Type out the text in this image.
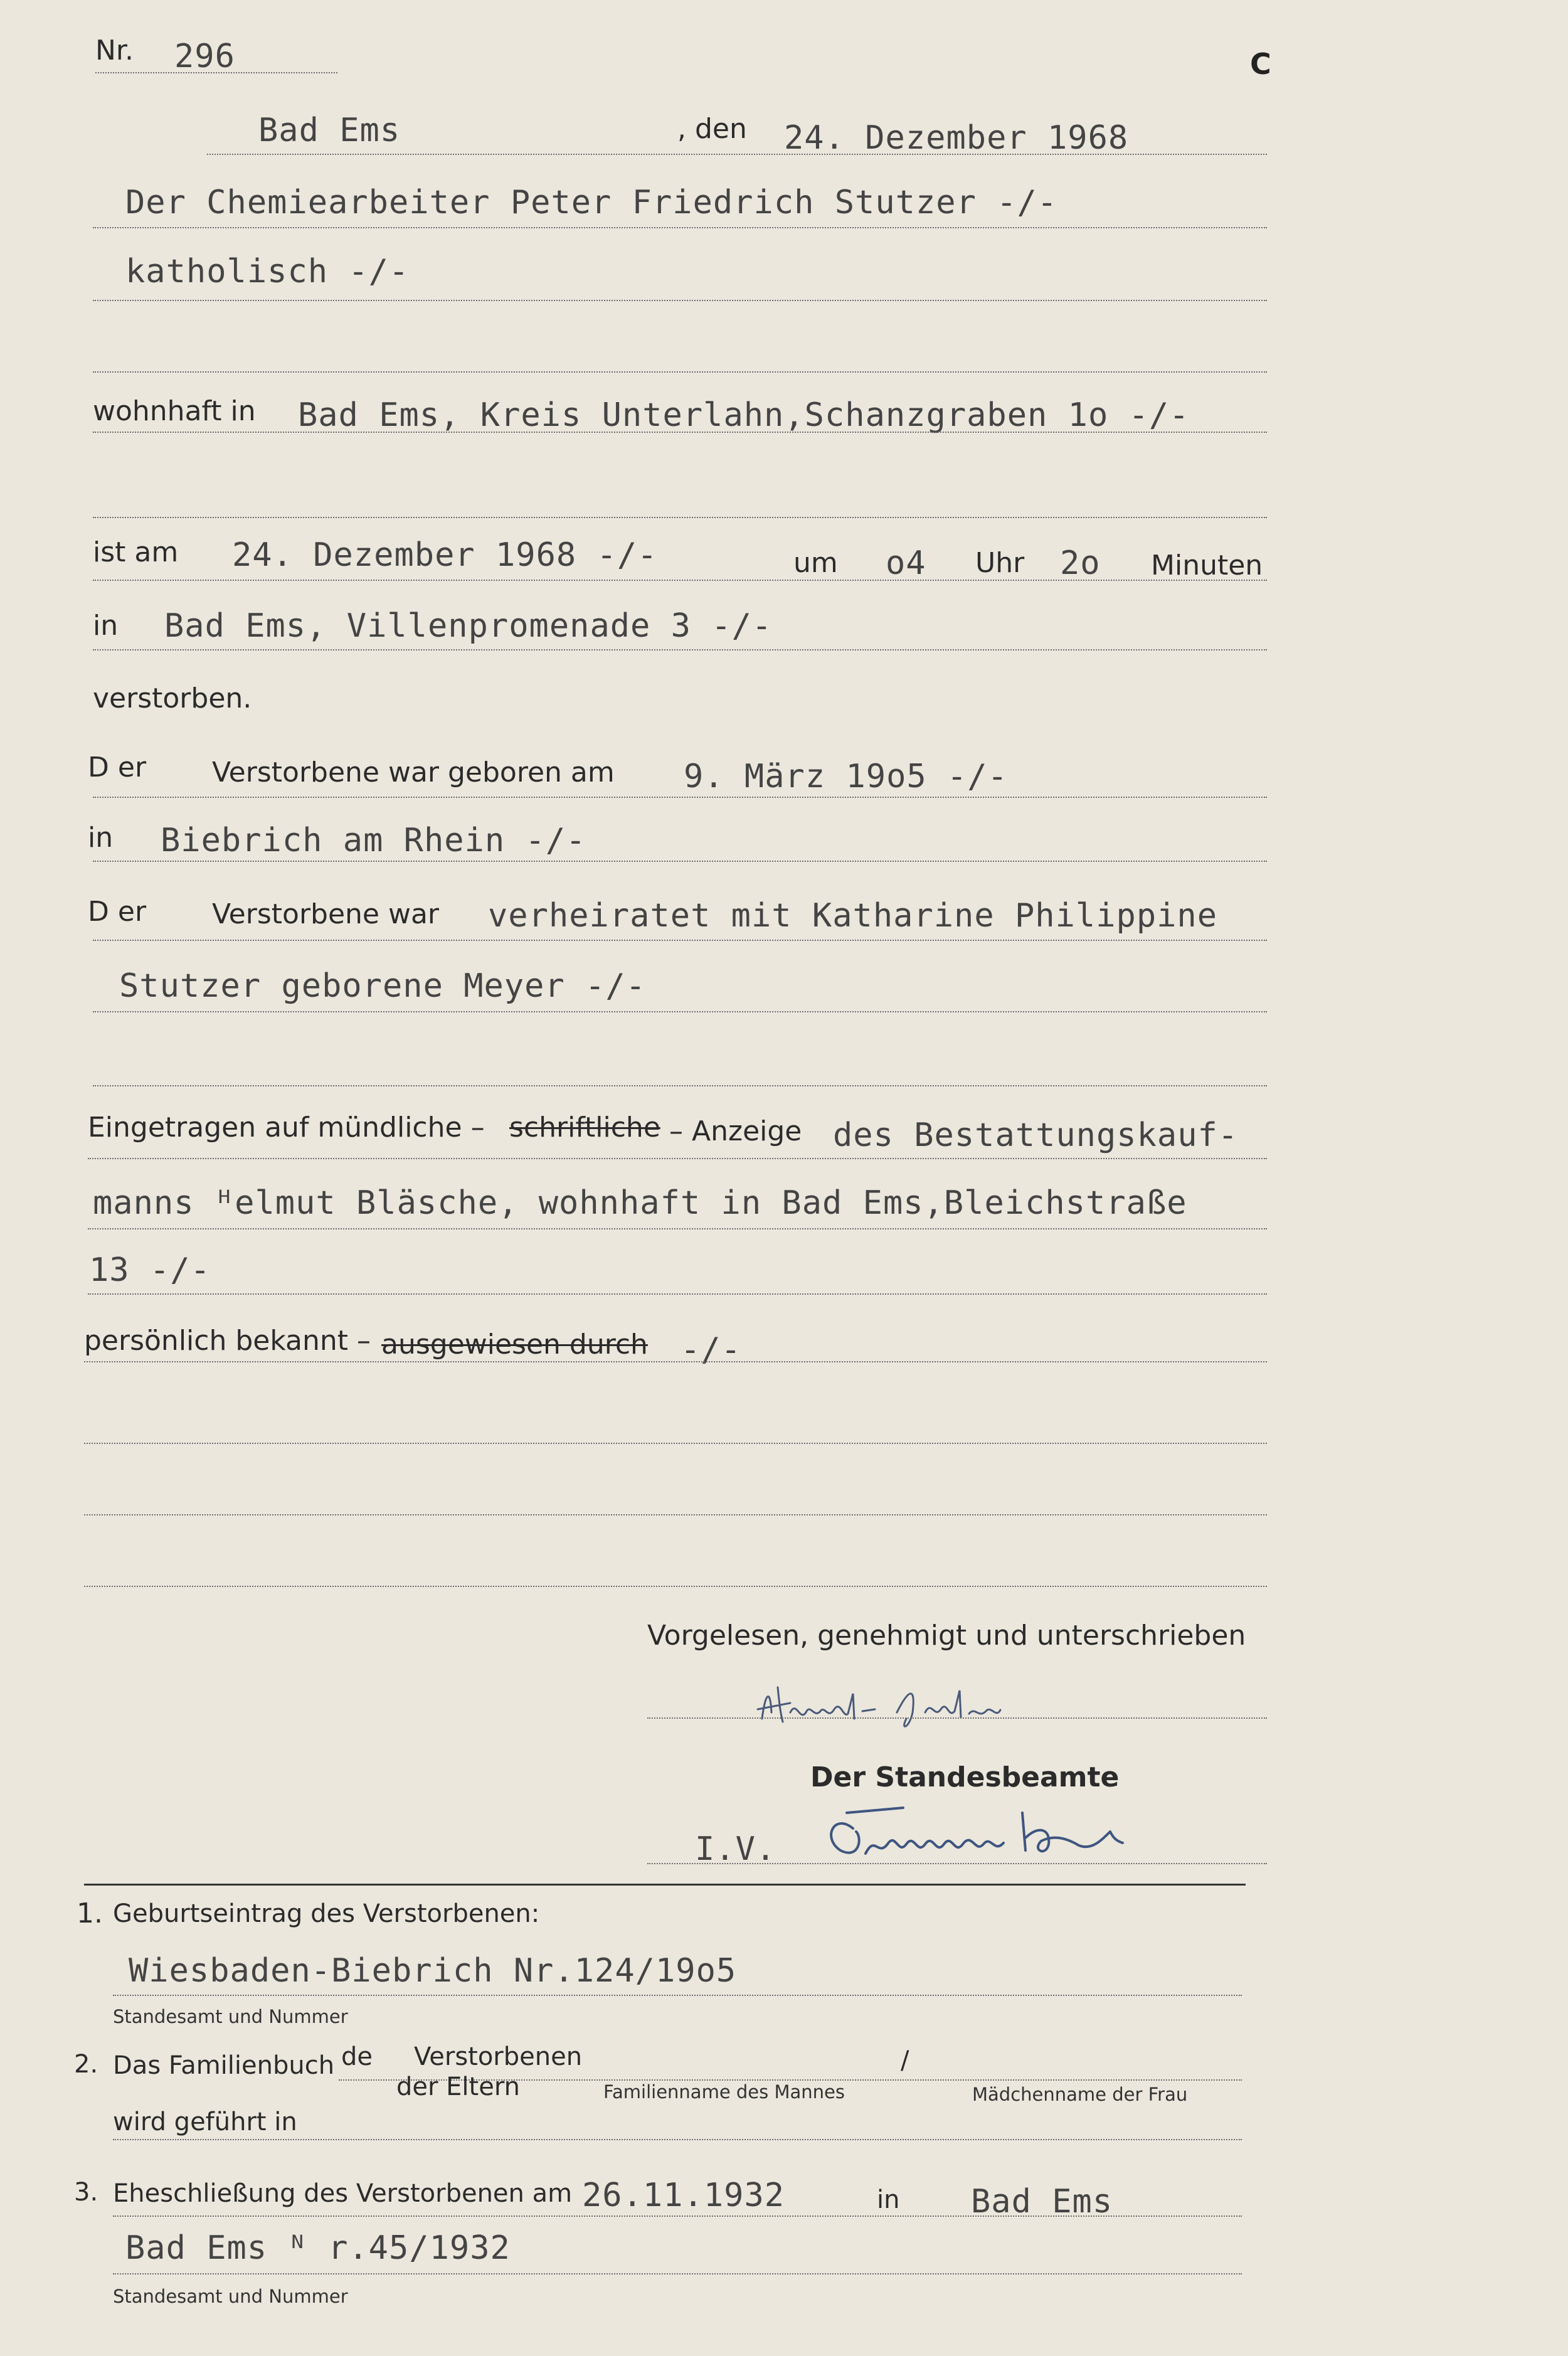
C
Nr. 296
Bad Ems	, den 24. Dezember 1968
Der Chemiearbeiter Peter Friedrich Stutzer -/-
katholisch -/-
wohnhaft in Bad Ems, Kreis Unterlahn,Schanzgraben 1o -/-
ist am 24. Dezember 1968 -/-	um o4 Uhr 2o Minuten
in Bad Ems, Villenpromenade 3 -/-
verstorben.
D er Verstorbene war geboren am 9. März 19o5 -/-
in Biebrich am Rhein -/-
D er Verstorbene war verheiratet mit Katharine Philippine
Stutzer geborene Meyer -/-
Eingetragen auf mündliche – schriftliche – Anzeige des Bestattungskauf-
manns ᴴelmut Bläsche, wohnhaft in Bad Ems,Bleichstraße
13 -/-
persönlich bekannt – ausgewiesen durch -/-
Vorgelesen, genehmigt und unterschrieben
Der Standesbeamte
I.V.
1. Geburtseintrag des Verstorbenen:
Wiesbaden-Biebrich Nr.124/19o5
Standesamt und Nummer
2. Das Familienbuch de Verstorbenen	/
der Eltern	Familienname des Mannes	Mädchenname der Frau
wird geführt in
3. Eheschließung des Verstorbenen am 26.11.1932	in Bad Ems
Bad Ems ᴺ r.45/1932
Standesamt und Nummer
